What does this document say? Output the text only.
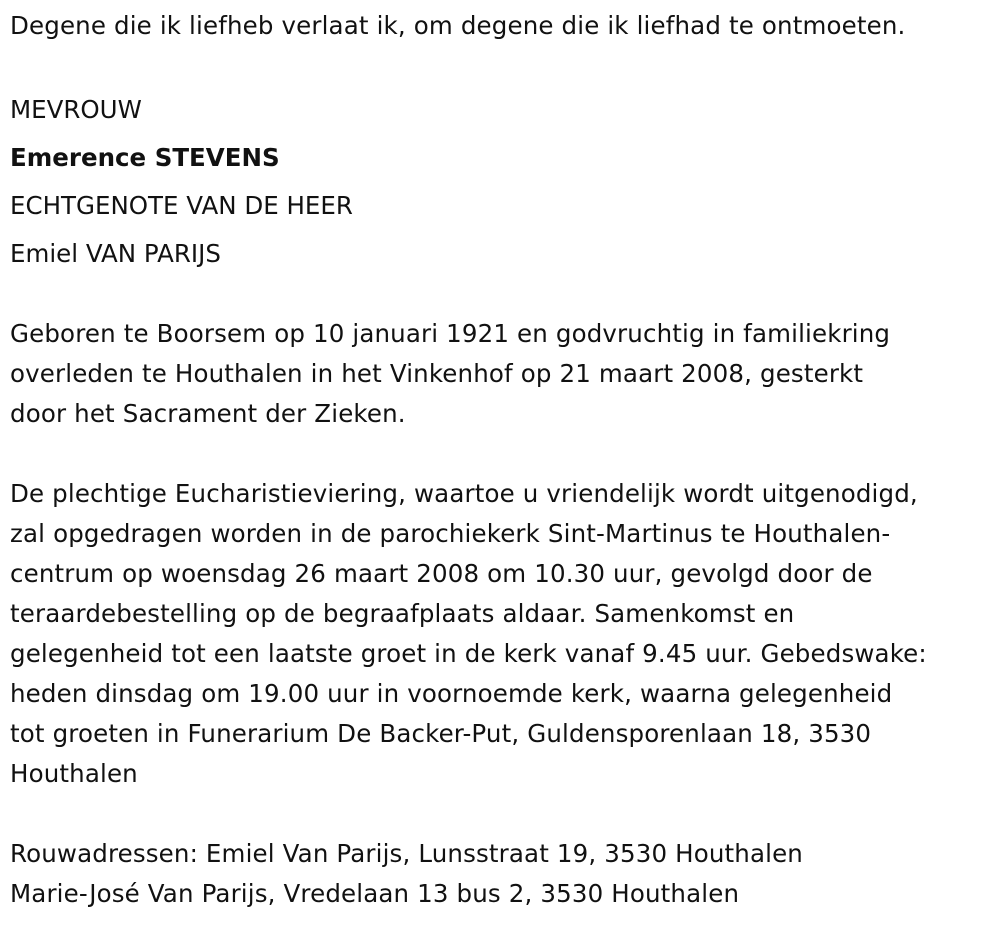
Degene die ik liefheb verlaat ik, om degene die ik liefhad te ontmoeten.
MEVROUW
Emerence STEVENS
ECHTGENOTE VAN DE HEER
Emiel VAN PARIJS
Geboren te Boorsem op 10 januari 1921 en godvruchtig in familiekring
overleden te Houthalen in het Vinkenhof op 21 maart 2008, gesterkt
door het Sacrament der Zieken.
De plechtige Eucharistieviering, waartoe u vriendelijk wordt uitgenodigd,
zal opgedragen worden in de parochiekerk Sint-Martinus te Houthalen-
centrum op woensdag 26 maart 2008 om 10.30 uur, gevolgd door de
teraardebestelling op de begraafplaats aldaar. Samenkomst en
gelegenheid tot een laatste groet in de kerk vanaf 9.45 uur. Gebedswake:
heden dinsdag om 19.00 uur in voornoemde kerk, waarna gelegenheid
tot groeten in Funerarium De Backer-Put, Guldensporenlaan 18, 3530
Houthalen
Rouwadressen: Emiel Van Parijs, Lunsstraat 19, 3530 Houthalen
Marie-José Van Parijs, Vredelaan 13 bus 2, 3530 Houthalen
